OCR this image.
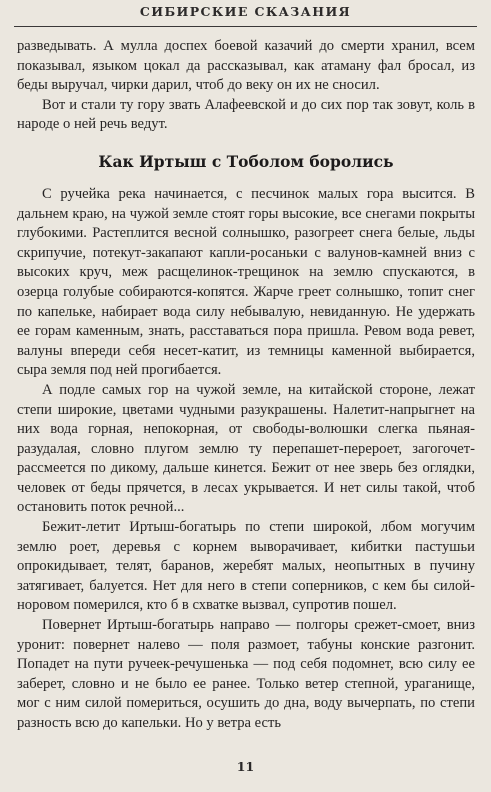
СИБИРСКИЕ СКАЗАНИЯ

разведывать. А мулла доспех боевой казачий до смерти хранил, всем показывал, языком цокал да рассказывал, как атаману фал бросал, из беды выручал, чирки дарил, чтоб до веку он их не сносил.

Вот и стали ту гору звать Алафеевской и до сих пор так зовут, коль в народе о ней речь ведут.

Как Иртыш с Тоболом боролись

С ручейка река начинается, с песчинок малых гора высится. В дальнем краю, на чужой земле стоят горы высокие, все снегами покрыты глубокими. Растеплится весной солнышко, разогреет снега белые, льды скрипучие, потекут-закапают капли-росаньки с валунов-камней вниз с высоких круч, меж расщелинок-трещинок на землю спускаются, в озерца голубые собираются-копятся. Жарче греет солнышко, топит снег по капельке, набирает вода силу небывалую, невиданную. Не удержать ее горам каменным, знать, расставаться пора пришла. Ревом вода ревет, валуны впереди себя несет-катит, из темницы каменной выбирается, сыра земля под ней прогибается.

А подле самых гор на чужой земле, на китайской стороне, лежат степи широкие, цветами чудными разукрашены. Налетит-напрыгнет на них вода горная, непокорная, от свободы-волюшки слегка пьяная-разудалая, словно плугом землю ту перепашет-перероет, загогочет-рассмеется по дикому, дальше кинется. Бежит от нее зверь без оглядки, человек от беды прячется, в лесах укрывается. И нет силы такой, чтоб остановить поток речной...

Бежит-летит Иртыш-богатырь по степи широкой, лбом могучим землю роет, деревья с корнем выворачивает, кибитки пастушьи опрокидывает, телят, баранов, жеребят малых, неопытных в пучину затягивает, балуется. Нет для него в степи соперников, с кем бы силой-норовом померился, кто б в схватке вызвал, супротив пошел.

Повернет Иртыш-богатырь направо — полгоры срежет-смоет, вниз уронит: повернет налево — поля размоет, табуны конские разгонит. Попадет на пути ручеек-речушенька — под себя подомнет, всю силу ее заберет, словно и не было ее ранее. Только ветер степной, ураганище, мог с ним силой помериться, осушить до дна, воду вычерпать, по степи разность всю до капельки. Но у ветра есть

11
